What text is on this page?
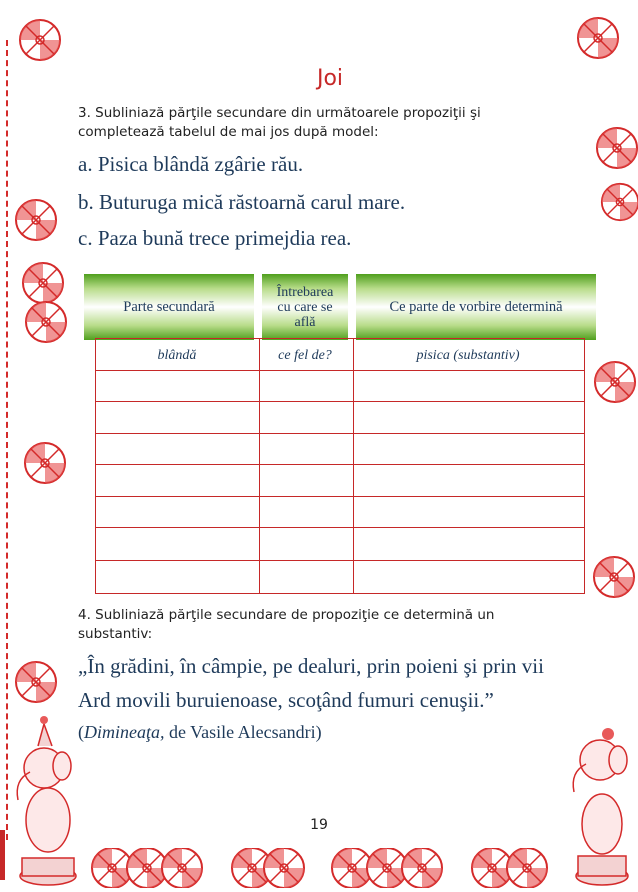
Joi
3. Subliniază părţile secundare din următoarele propoziţii şi
completează tabelul de mai jos după model:
a. Pisica blândă zgârie rău.
b. Buturuga mică răstoarnă carul mare.
c. Paza bună trece primejdia rea.
Parte secundară
Întrebarea
cu care se
află
Ce parte de vorbire determină
blândă	ce fel de?	pisica (substantiv)
4. Subliniază părţile secundare de propoziţie ce determină un
substantiv:
„În grădini, în câmpie, pe dealuri, prin poieni şi prin vii
Ard movili buruienoase, scoţând fumuri cenuşii.”
(Dimineaţa, de Vasile Alecsandri)
19
